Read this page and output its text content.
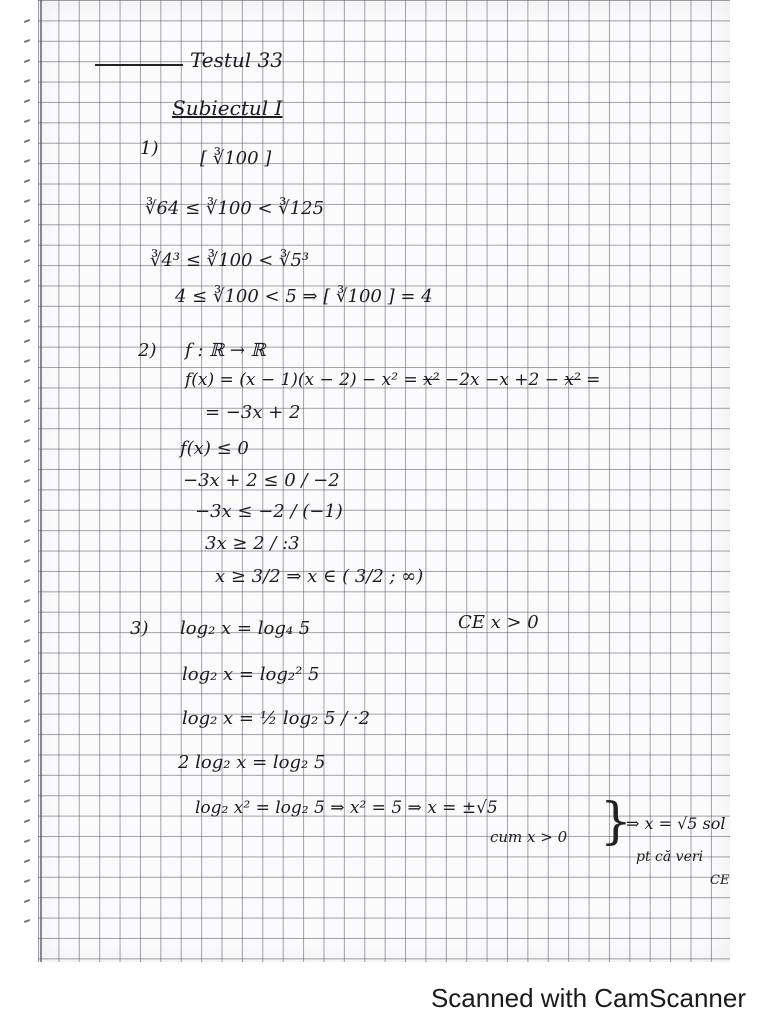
Testul 33
Subiectul I
1) [ ∛100 ]
∛64 ≤ ∛100 < ∛125
∛4³ ≤ ∛100 < ∛5³
4 ≤ ∛100 < 5 ⇒ [ ∛100 ] = 4
2) f : ℝ → ℝ
f(x) = (x − 1)(x − 2) − x² = x² −2x −x +2 − x² =
= −3x + 2
f(x) ≤ 0
−3x + 2 ≤ 0 / −2
−3x ≤ −2 / (−1)
3x ≥ 2 / :3
x ≥ 3/2 ⇒ x ∈ ( 3/2 ; ∞)
3) log₂ x = log₄ 5	CE x > 0
log₂ x = log₂² 5
log₂ x = ½ log₂ 5 / ·2
2 log₂ x = log₂ 5
log₂ x² = log₂ 5 ⇒ x² = 5 ⇒ x = ±√5
cum x > 0 }
⇒ x = √5 sol
pt că veri
CE
Scanned with CamScanner
